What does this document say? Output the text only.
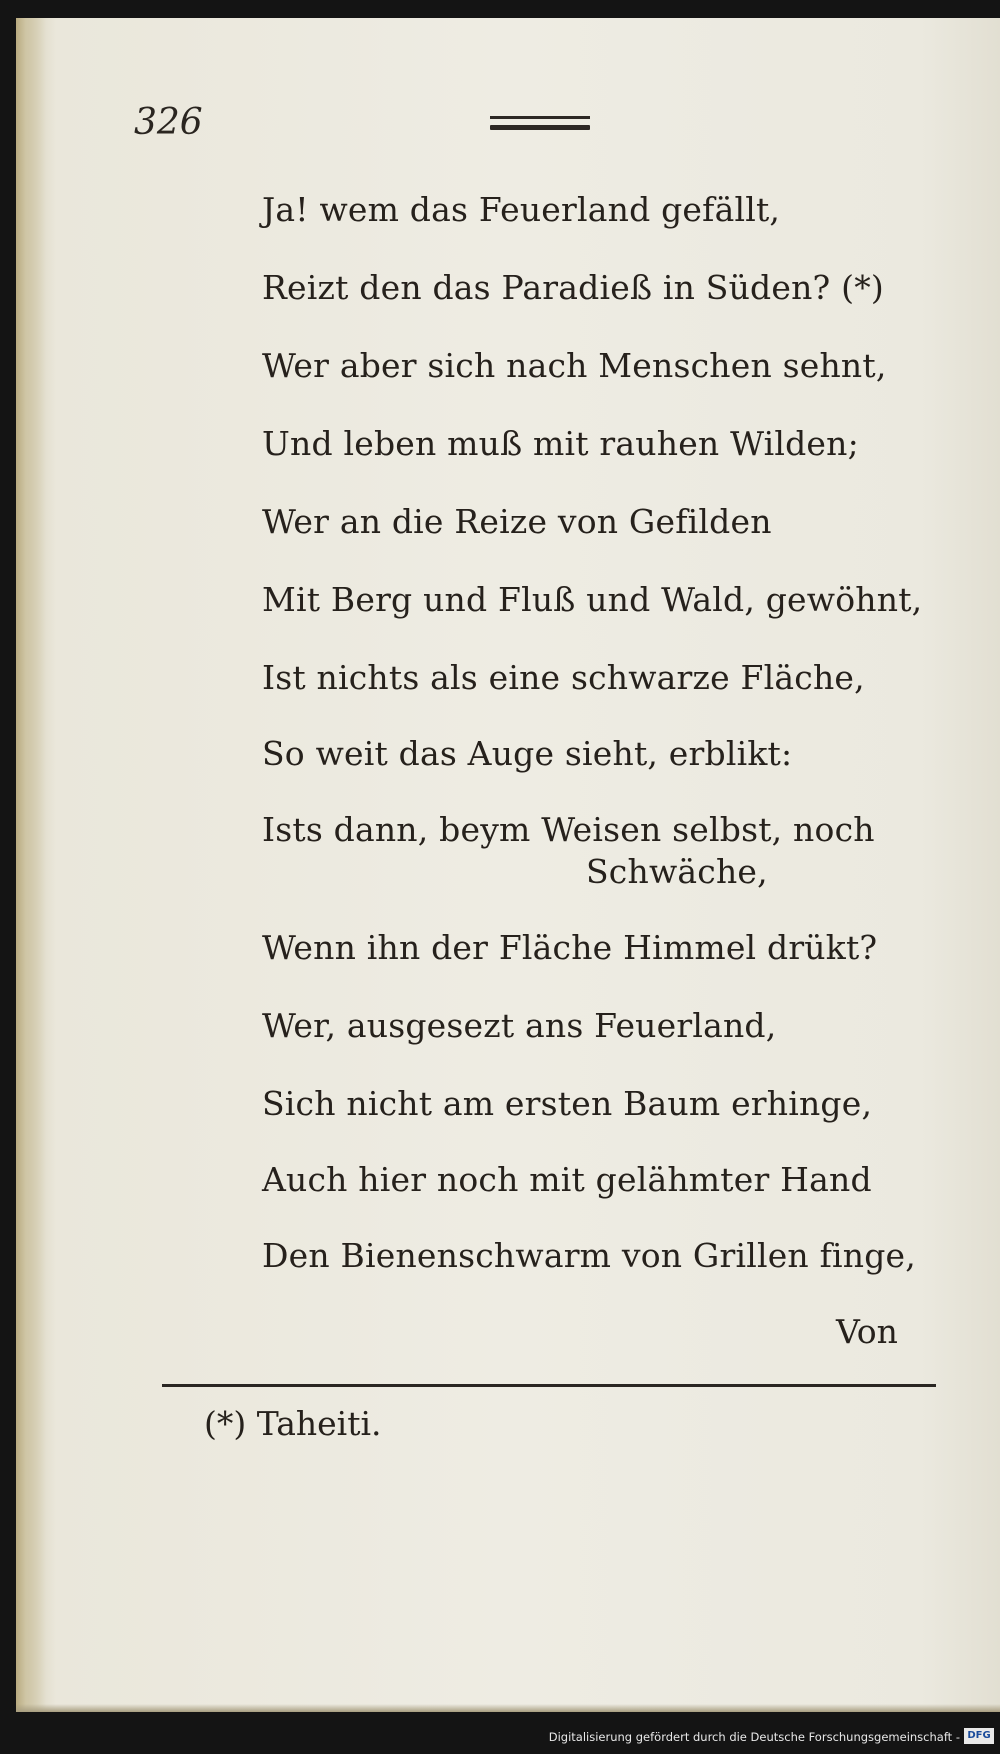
326
Ja! wem das Feuerland gefällt,
Reizt den das Paradieß in Süden? (*)
Wer aber sich nach Menschen sehnt,
Und leben muß mit rauhen Wilden;
Wer an die Reize von Gefilden
Mit Berg und Fluß und Wald, gewöhnt,
Ist nichts als eine schwarze Fläche,
So weit das Auge sieht, erblikt:
Ists dann, beym Weisen selbst, noch
Schwäche,
Wenn ihn der Fläche Himmel drükt?
Wer, ausgesezt ans Feuerland,
Sich nicht am ersten Baum erhinge,
Auch hier noch mit gelähmter Hand
Den Bienenschwarm von Grillen finge,
Von
(*) Taheiti.
Digitalisierung gefördert durch die Deutsche Forschungsgemeinschaft - DFG
